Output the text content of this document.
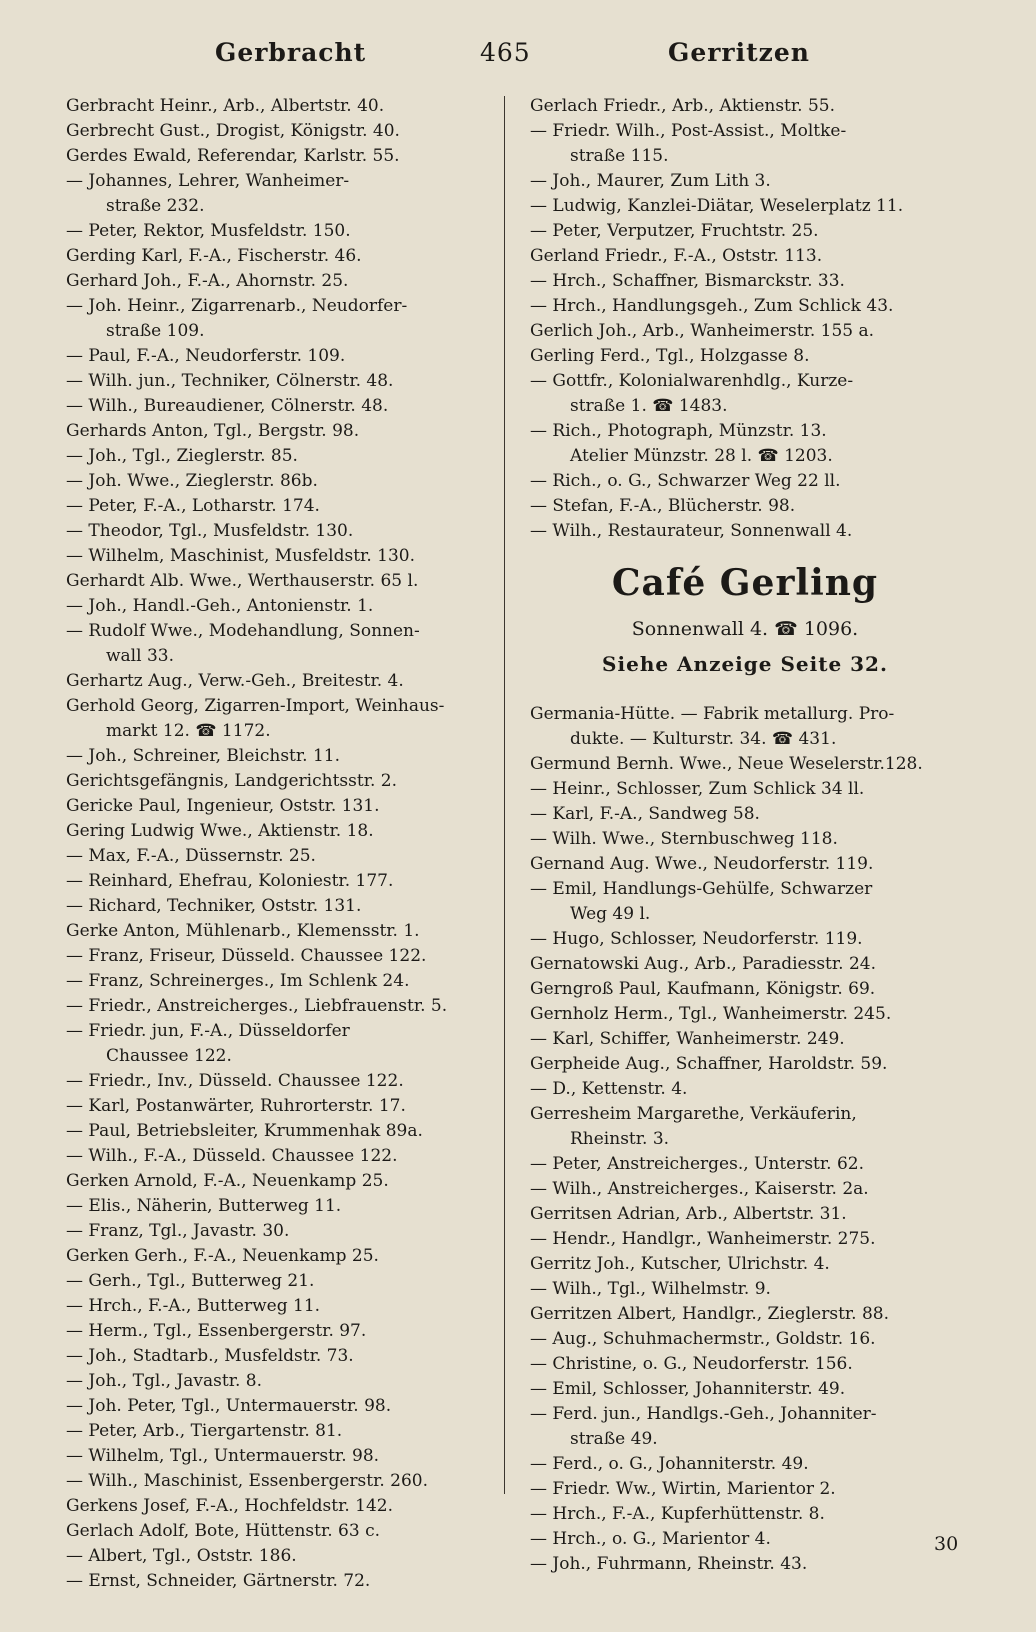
Gerbracht	465	Gerritzen
Gerbracht Heinr., Arb., Albertstr. 40.
Gerbrecht Gust., Drogist, Königstr. 40.
Gerdes Ewald, Referendar, Karlstr. 55.
— Johannes, Lehrer, Wanheimer-
straße 232.
— Peter, Rektor, Musfeldstr. 150.
Gerding Karl, F.-A., Fischerstr. 46.
Gerhard Joh., F.-A., Ahornstr. 25.
— Joh. Heinr., Zigarrenarb., Neudorfer-
straße 109.
— Paul, F.-A., Neudorferstr. 109.
— Wilh. jun., Techniker, Cölnerstr. 48.
— Wilh., Bureaudiener, Cölnerstr. 48.
Gerhards Anton, Tgl., Bergstr. 98.
— Joh., Tgl., Zieglerstr. 85.
— Joh. Wwe., Zieglerstr. 86b.
— Peter, F.-A., Lotharstr. 174.
— Theodor, Tgl., Musfeldstr. 130.
— Wilhelm, Maschinist, Musfeldstr. 130.
Gerhardt Alb. Wwe., Werthauserstr. 65 l.
— Joh., Handl.-Geh., Antonienstr. 1.
— Rudolf Wwe., Modehandlung, Sonnen-
wall 33.
Gerhartz Aug., Verw.-Geh., Breitestr. 4.
Gerhold Georg, Zigarren-Import, Weinhaus-
markt 12. ☎ 1172.
— Joh., Schreiner, Bleichstr. 11.
Gerichtsgefängnis, Landgerichtsstr. 2.
Gericke Paul, Ingenieur, Oststr. 131.
Gering Ludwig Wwe., Aktienstr. 18.
— Max, F.-A., Düssernstr. 25.
— Reinhard, Ehefrau, Koloniestr. 177.
— Richard, Techniker, Oststr. 131.
Gerke Anton, Mühlenarb., Klemensstr. 1.
— Franz, Friseur, Düsseld. Chaussee 122.
— Franz, Schreinerges., Im Schlenk 24.
— Friedr., Anstreicherges., Liebfrauenstr. 5.
— Friedr. jun, F.-A., Düsseldorfer
Chaussee 122.
— Friedr., Inv., Düsseld. Chaussee 122.
— Karl, Postanwärter, Ruhrorterstr. 17.
— Paul, Betriebsleiter, Krummenhak 89a.
— Wilh., F.-A., Düsseld. Chaussee 122.
Gerken Arnold, F.-A., Neuenkamp 25.
— Elis., Näherin, Butterweg 11.
— Franz, Tgl., Javastr. 30.
Gerken Gerh., F.-A., Neuenkamp 25.
— Gerh., Tgl., Butterweg 21.
— Hrch., F.-A., Butterweg 11.
— Herm., Tgl., Essenbergerstr. 97.
— Joh., Stadtarb., Musfeldstr. 73.
— Joh., Tgl., Javastr. 8.
— Joh. Peter, Tgl., Untermauerstr. 98.
— Peter, Arb., Tiergartenstr. 81.
— Wilhelm, Tgl., Untermauerstr. 98.
— Wilh., Maschinist, Essenbergerstr. 260.
Gerkens Josef, F.-A., Hochfeldstr. 142.
Gerlach Adolf, Bote, Hüttenstr. 63 c.
— Albert, Tgl., Oststr. 186.
— Ernst, Schneider, Gärtnerstr. 72.
Gerlach Friedr., Arb., Aktienstr. 55.
— Friedr. Wilh., Post-Assist., Moltke-
straße 115.
— Joh., Maurer, Zum Lith 3.
— Ludwig, Kanzlei-Diätar, Weselerplatz 11.
— Peter, Verputzer, Fruchtstr. 25.
Gerland Friedr., F.-A., Oststr. 113.
— Hrch., Schaffner, Bismarckstr. 33.
— Hrch., Handlungsgeh., Zum Schlick 43.
Gerlich Joh., Arb., Wanheimerstr. 155 a.
Gerling Ferd., Tgl., Holzgasse 8.
— Gottfr., Kolonialwarenhdlg., Kurze-
straße 1. ☎ 1483.
— Rich., Photograph, Münzstr. 13.
Atelier Münzstr. 28 l. ☎ 1203.
— Rich., o. G., Schwarzer Weg 22 ll.
— Stefan, F.-A., Blücherstr. 98.
— Wilh., Restaurateur, Sonnenwall 4.
Café Gerling
Sonnenwall 4. ☎ 1096.
Siehe Anzeige Seite 32.
Germania-Hütte. — Fabrik metallurg. Pro-
dukte. — Kulturstr. 34. ☎ 431.
Germund Bernh. Wwe., Neue Weselerstr.128.
— Heinr., Schlosser, Zum Schlick 34 ll.
— Karl, F.-A., Sandweg 58.
— Wilh. Wwe., Sternbuschweg 118.
Gernand Aug. Wwe., Neudorferstr. 119.
— Emil, Handlungs-Gehülfe, Schwarzer
Weg 49 l.
— Hugo, Schlosser, Neudorferstr. 119.
Gernatowski Aug., Arb., Paradiesstr. 24.
Gerngroß Paul, Kaufmann, Königstr. 69.
Gernholz Herm., Tgl., Wanheimerstr. 245.
— Karl, Schiffer, Wanheimerstr. 249.
Gerpheide Aug., Schaffner, Haroldstr. 59.
— D., Kettenstr. 4.
Gerresheim Margarethe, Verkäuferin,
Rheinstr. 3.
— Peter, Anstreicherges., Unterstr. 62.
— Wilh., Anstreicherges., Kaiserstr. 2a.
Gerritsen Adrian, Arb., Albertstr. 31.
— Hendr., Handlgr., Wanheimerstr. 275.
Gerritz Joh., Kutscher, Ulrichstr. 4.
— Wilh., Tgl., Wilhelmstr. 9.
Gerritzen Albert, Handlgr., Zieglerstr. 88.
— Aug., Schuhmachermstr., Goldstr. 16.
— Christine, o. G., Neudorferstr. 156.
— Emil, Schlosser, Johanniterstr. 49.
— Ferd. jun., Handlgs.-Geh., Johanniter-
straße 49.
— Ferd., o. G., Johanniterstr. 49.
— Friedr. Ww., Wirtin, Marientor 2.
— Hrch., F.-A., Kupferhüttenstr. 8.
— Hrch., o. G., Marientor 4.
— Joh., Fuhrmann, Rheinstr. 43.
30
